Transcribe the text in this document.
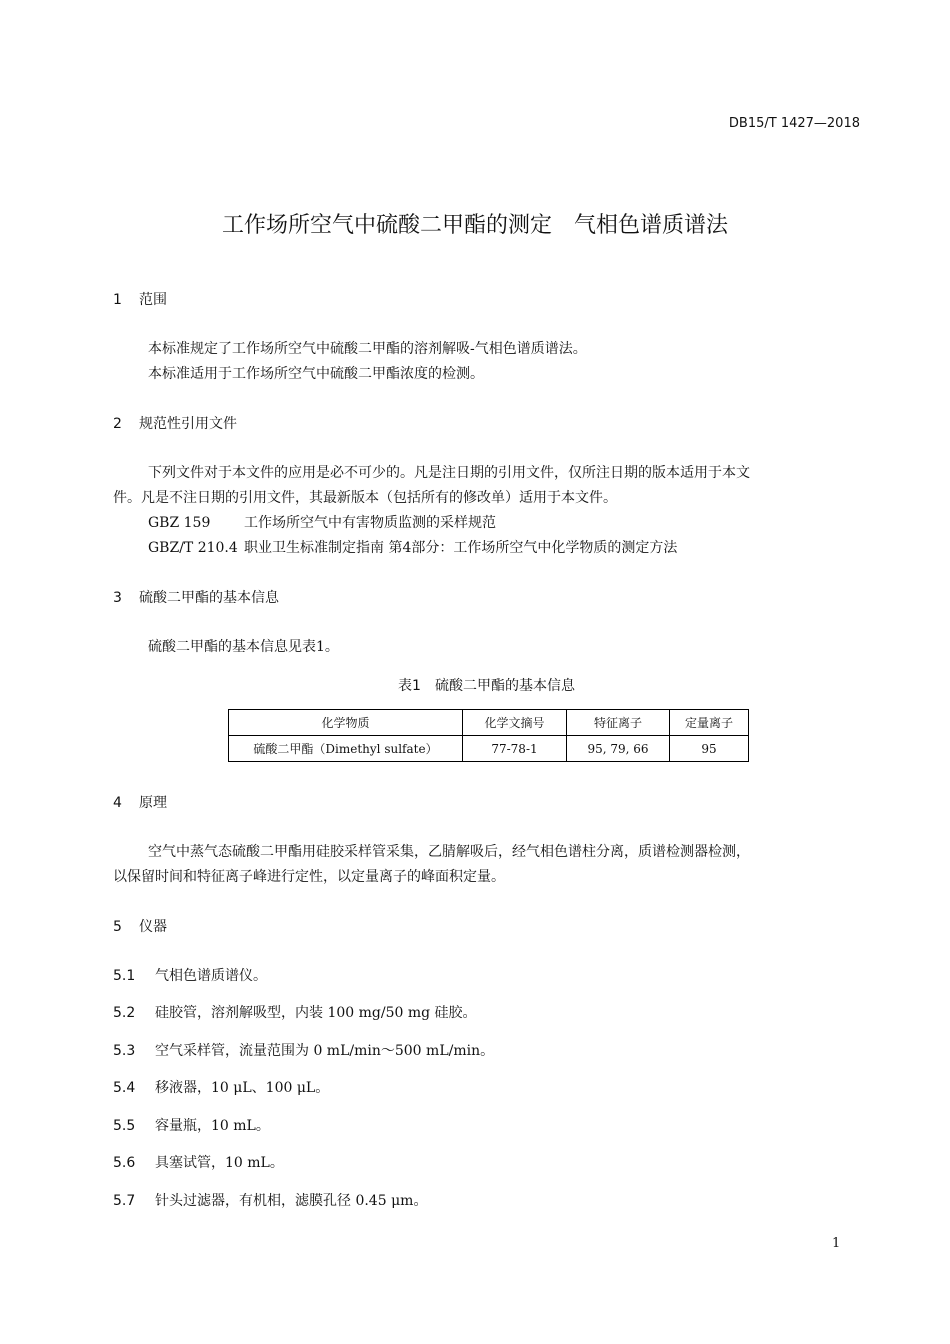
DB15/T 1427—2018
工作场所空气中硫酸二甲酯的测定　气相色谱质谱法
1 范围
本标准规定了工作场所空气中硫酸二甲酯的溶剂解吸-气相色谱质谱法。
本标准适用于工作场所空气中硫酸二甲酯浓度的检测。
2 规范性引用文件
下列文件对于本文件的应用是必不可少的。凡是注日期的引用文件，仅所注日期的版本适用于本文
件。凡是不注日期的引用文件，其最新版本（包括所有的修改单）适用于本文件。
GBZ 159 工作场所空气中有害物质监测的采样规范
GBZ/T 210.4 职业卫生标准制定指南 第4部分：工作场所空气中化学物质的测定方法
3 硫酸二甲酯的基本信息
硫酸二甲酯的基本信息见表1。
表1　硫酸二甲酯的基本信息
化学物质	化学文摘号	特征离子	定量离子
硫酸二甲酯（Dimethyl sulfate）	77-78-1	95, 79, 66	95
4 原理
空气中蒸气态硫酸二甲酯用硅胶采样管采集，乙腈解吸后，经气相色谱柱分离，质谱检测器检测，
以保留时间和特征离子峰进行定性，以定量离子的峰面积定量。
5 仪器
5.1 气相色谱质谱仪。
5.2 硅胶管，溶剂解吸型，内装 100 mg/50 mg 硅胶。
5.3 空气采样管，流量范围为 0 mL/min～500 mL/min。
5.4 移液器，10 μL、100 μL。
5.5 容量瓶，10 mL。
5.6 具塞试管，10 mL。
5.7 针头过滤器，有机相，滤膜孔径 0.45 μm。
1
